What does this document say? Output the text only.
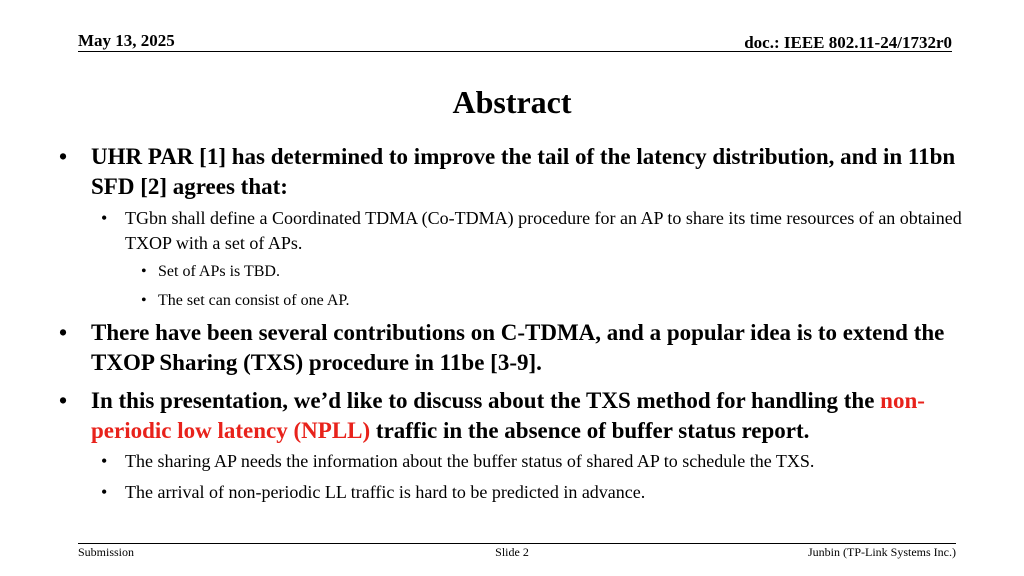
May 13, 2025	doc.: IEEE 802.11-24/1732r0
Abstract
• UHR PAR [1] has determined to improve the tail of the latency distribution, and in 11bn SFD [2] agrees that:
• TGbn shall define a Coordinated TDMA (Co-TDMA) procedure for an AP to share its time resources of an obtained TXOP with a set of APs.
• Set of APs is TBD.
• The set can consist of one AP.
• There have been several contributions on C-TDMA, and a popular idea is to extend the TXOP Sharing (TXS) procedure in 11be [3-9].
• In this presentation, we’d like to discuss about the TXS method for handling the non-periodic low latency (NPLL) traffic in the absence of buffer status report.
• The sharing AP needs the information about the buffer status of shared AP to schedule the TXS.
• The arrival of non-periodic LL traffic is hard to be predicted in advance.
Submission	Slide 2	Junbin (TP-Link Systems Inc.)
